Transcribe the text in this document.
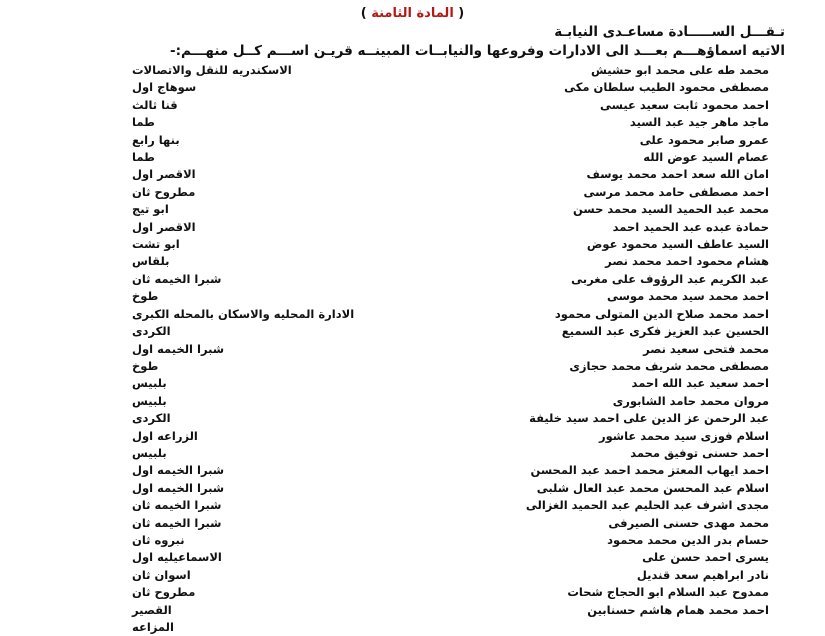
( المادة الثامنة )

تـقـــل الســـــادة مساعـدى النيابـة

الاتيه اسماؤهـــم بعـــد الى الادارات وفروعها والنيابــات المبينــه قريـن اســـم كــل منهـــم:-

محمد طه على محمد ابو حشيش	الاسكندريه للنقل والاتصالات
مصطفى محمود الطيب سلطان مكى	سوهاج اول
احمد محمود ثابت سعيد عيسى	قنا ثالث
ماجد ماهر جيد عبد السيد	طما
عمرو صابر محمود على	بنها رابع
عصام السيد عوض الله	طما
امان الله سعد احمد محمد يوسف	الاقصر اول
احمد مصطفى حامد محمد مرسى	مطروح ثان
محمد عبد الحميد السيد محمد حسن	ابو تيج
حمادة عبده عبد الحميد احمد	الاقصر اول
السيد عاطف السيد محمود عوض	ابو تشت
هشام محمود احمد محمد نصر	بلقاس
عبد الكريم عبد الرؤوف على مغربى	شبرا الخيمه ثان
احمد محمد سيد محمد موسى	طوخ
احمد محمد صلاح الدين المتولى محمود	الادارة المحليه والاسكان بالمحله الكبرى
الحسين عبد العزيز فكرى عبد السميع	الكردى
محمد فتحى سعيد نصر	شبرا الخيمه اول
مصطفى محمد شريف محمد حجازى	طوخ
احمد سعيد عبد الله احمد	بلبيس
مروان محمد حامد الشابورى	بلبيس
عبد الرحمن عز الدين على احمد سيد خليفة	الكردى
اسلام فوزى سيد محمد عاشور	الزراعه اول
احمد حسنى توفيق محمد	بلبيس
احمد ايهاب المعتز محمد احمد عبد المحسن	شبرا الخيمه اول
اسلام عبد المحسن محمد عبد العال شلبى	شبرا الخيمه اول
مجدى اشرف عبد الحليم عبد الحميد الغزالى	شبرا الخيمه ثان
محمد مهدى حسنى الصيرفى	شبرا الخيمه ثان
حسام بدر الدين محمد محمود	نبروه ثان
يسرى احمد حسن على	الاسماعيليه اول
نادر ابراهيم سعد قنديل	اسوان ثان
ممدوح عبد السلام ابو الحجاج شحات	مطروح ثان
احمد محمد همام هاشم حسنابين	القصير
	المزاعه
